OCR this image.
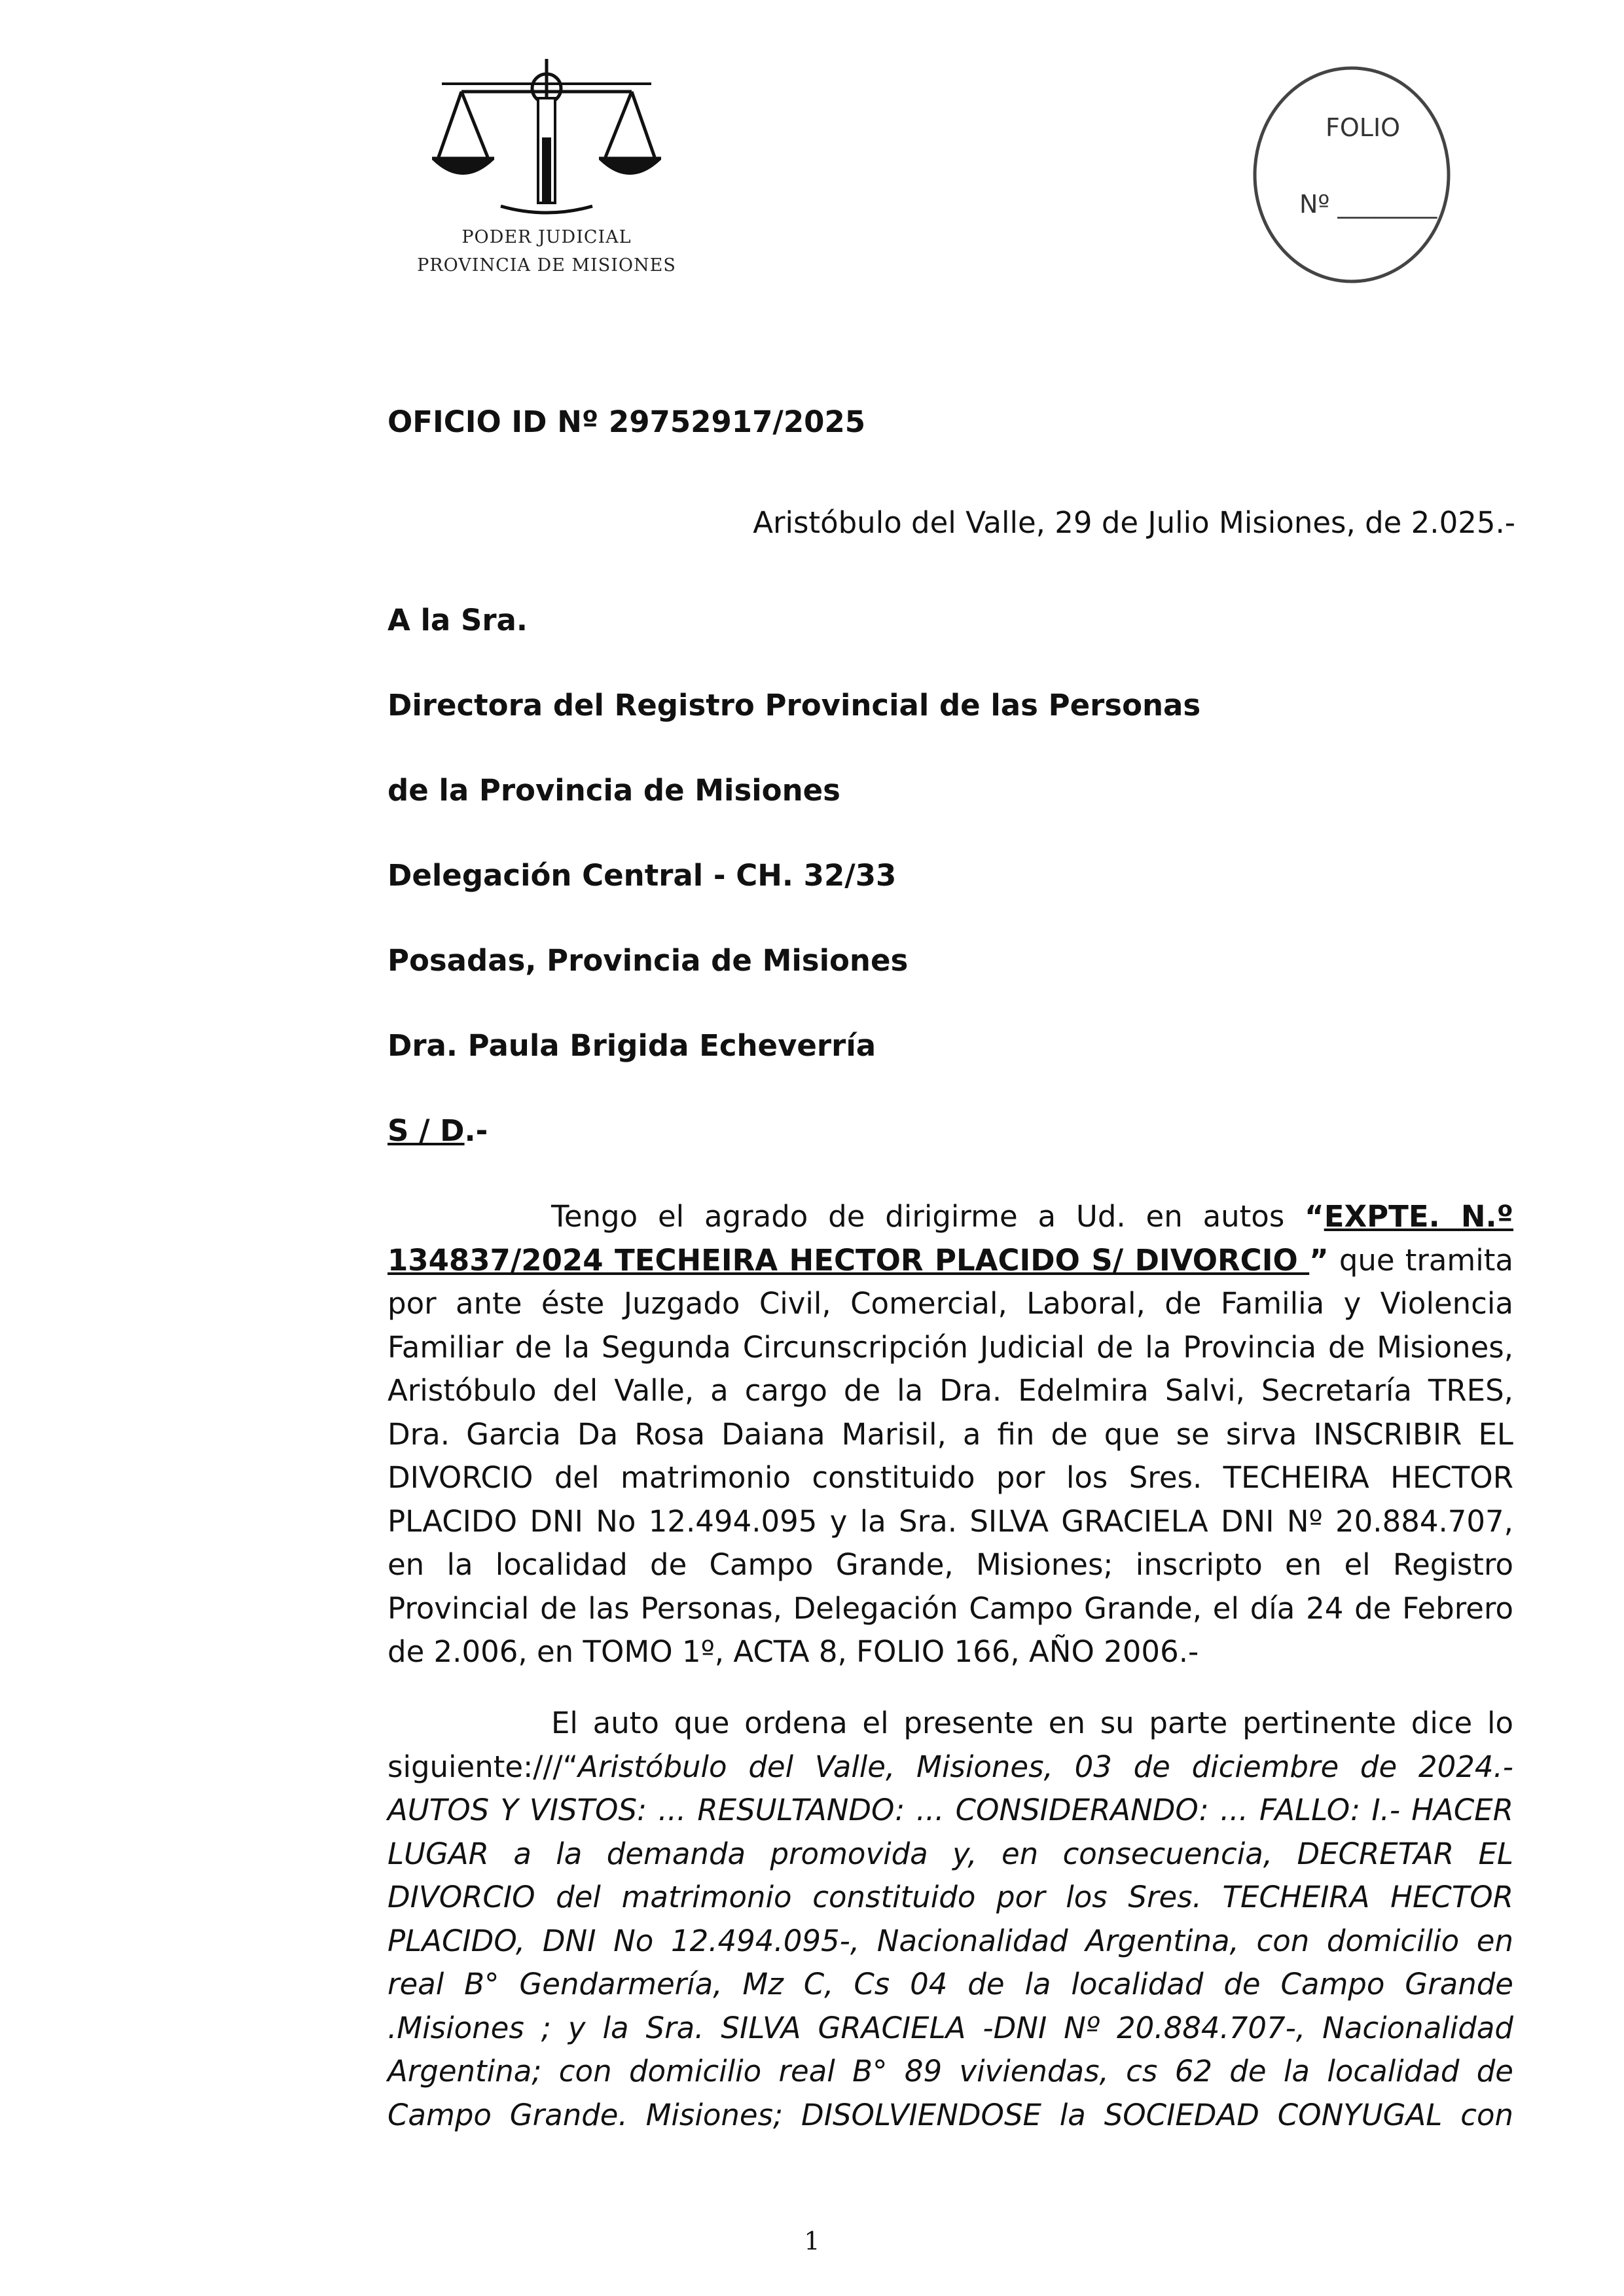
PODER JUDICIAL
PROVINCIA DE MISIONES
FOLIO
Nº ________
OFICIO ID Nº 29752917/2025
Aristóbulo del Valle, 29 de Julio Misiones, de 2.025.-
A la Sra.
Directora del Registro Provincial de las Personas
de la Provincia de Misiones
Delegación Central - CH. 32/33
Posadas, Provincia de Misiones
Dra. Paula Brigida Echeverría
S / D.-
Tengo el agrado de dirigirme a Ud. en autos “EXPTE. N.º
134837/2024 TECHEIRA HECTOR PLACIDO S/ DIVORCIO ” que tramita
por ante éste Juzgado Civil, Comercial, Laboral, de Familia y Violencia
Familiar de la Segunda Circunscripción Judicial de la Provincia de Misiones,
Aristóbulo del Valle, a cargo de la Dra. Edelmira Salvi, Secretaría TRES,
Dra. Garcia Da Rosa Daiana Marisil, a fin de que se sirva INSCRIBIR EL
DIVORCIO del matrimonio constituido por los Sres. TECHEIRA HECTOR
PLACIDO DNI No 12.494.095 y la Sra. SILVA GRACIELA DNI Nº 20.884.707,
en la localidad de Campo Grande, Misiones; inscripto en el Registro
Provincial de las Personas, Delegación Campo Grande, el día 24 de Febrero
de 2.006, en TOMO 1º, ACTA 8, FOLIO 166, AÑO 2006.-
El auto que ordena el presente en su parte pertinente dice lo
siguiente:///“Aristóbulo del Valle, Misiones, 03 de diciembre de 2024.-
AUTOS Y VISTOS: ... RESULTANDO: ... CONSIDERANDO: ... FALLO: I.- HACER
LUGAR a la demanda promovida y, en consecuencia, DECRETAR EL
DIVORCIO del matrimonio constituido por los Sres. TECHEIRA HECTOR
PLACIDO, DNI No 12.494.095-, Nacionalidad Argentina, con domicilio en
real B° Gendarmería, Mz C, Cs 04 de la localidad de Campo Grande
.Misiones ; y la Sra. SILVA GRACIELA -DNI Nº 20.884.707-, Nacionalidad
Argentina; con domicilio real B° 89 viviendas, cs 62 de la localidad de
Campo Grande. Misiones; DISOLVIENDOSE la SOCIEDAD CONYUGAL con
1
